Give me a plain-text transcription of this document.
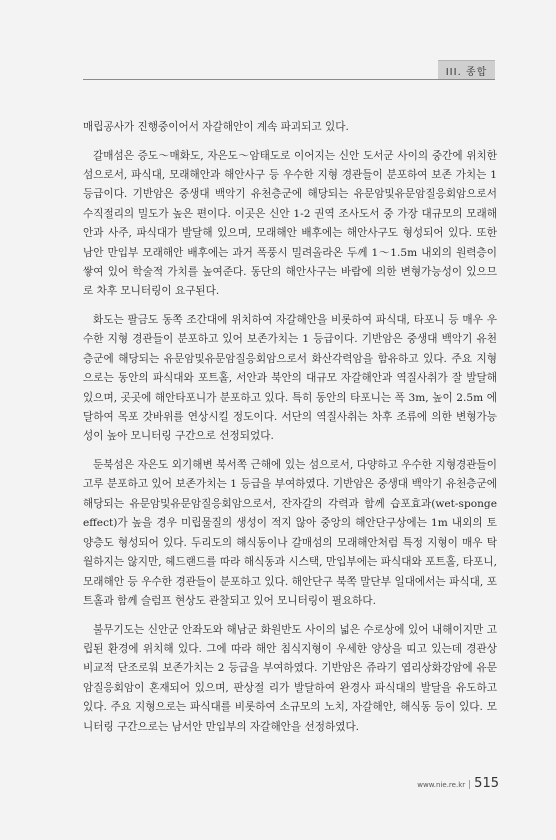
III. 종합

매립공사가 진행중이어서 자갈해안이 계속 파괴되고 있다.

갈매섬은 증도～매화도, 자은도～암태도로 이어지는 신안 도서군 사이의 중간에 위치한 섬으로서, 파식대, 모래해안과 해안사구 등 우수한 지형 경관들이 분포하여 보존 가치는 1 등급이다. 기반암은 중생대 백악기 유천층군에 해당되는 유문암및유문암질응회암으로서 수직절리의 밀도가 높은 편이다. 이곳은 신안 1-2 권역 조사도서 중 가장 대규모의 모래해안과 사주, 파식대가 발달해 있으며, 모래해안 배후에는 해안사구도 형성되어 있다. 또한 남안 만입부 모래해안 배후에는 과거 폭풍시 밀려올라온 두께 1～1.5m 내외의 원력층이 쌓여 있어 학술적 가치를 높여준다. 동단의 해안사구는 바람에 의한 변형가능성이 있으므로 차후 모니터링이 요구된다.

화도는 팔금도 동쪽 조간대에 위치하여 자갈해안을 비롯하여 파식대, 타포니 등 매우 우수한 지형 경관들이 분포하고 있어 보존가치는 1 등급이다. 기반암은 중생대 백악기 유천층군에 해당되는 유문암및유문암질응회암으로서 화산각력암을 함유하고 있다. 주요 지형으로는 동안의 파식대와 포트홀, 서안과 북안의 대규모 자갈해안과 역질사취가 잘 발달해 있으며, 곳곳에 해안타포니가 분포하고 있다. 특히 동안의 타포니는 폭 3m, 높이 2.5m 에 달하여 목포 갓바위를 연상시킬 정도이다. 서단의 역질사취는 차후 조류에 의한 변형가능성이 높아 모니터링 구간으로 선정되었다.

둔북섬은 자은도 외기해변 북서쪽 근해에 있는 섬으로서, 다양하고 우수한 지형경관들이 고루 분포하고 있어 보존가치는 1 등급을 부여하였다. 기반암은 중생대 백악기 유천층군에 해당되는 유문암및유문암질응회암으로서, 잔자갈의 각력과 함께 습포효과(wet-sponge effect)가 높을 경우 미립물질의 생성이 적지 않아 중앙의 해안단구상에는 1m 내외의 토양층도 형성되어 있다. 두리도의 해식동이나 갈매섬의 모래해안처럼 특정 지형이 매우 탁월하지는 않지만, 헤드랜드를 따라 해식동과 시스택, 만입부에는 파식대와 포트홀, 타포니, 모래해안 등 우수한 경관들이 분포하고 있다. 해안단구 북쪽 말단부 일대에서는 파식대, 포트홀과 함께 슬럼프 현상도 관찰되고 있어 모니터링이 필요하다.

불무기도는 신안군 안좌도와 해남군 화원반도 사이의 넓은 수로상에 있어 내해이지만 고립된 환경에 위치해 있다. 그에 따라 해안 침식지형이 우세한 양상을 띠고 있는데 경관상 비교적 단조로워 보존가치는 2 등급을 부여하였다. 기반암은 쥬라기 엽리상화강암에 유문암질응회암이 혼재되어 있으며, 판상절 리가 발달하여 완경사 파식대의 발달을 유도하고 있다. 주요 지형으로는 파식대를 비롯하여 소규모의 노치, 자갈해안, 해식동 등이 있다. 모니터링 구간으로는 남서안 만입부의 자갈해안을 선정하였다.

www.nie.re.kr | 515
